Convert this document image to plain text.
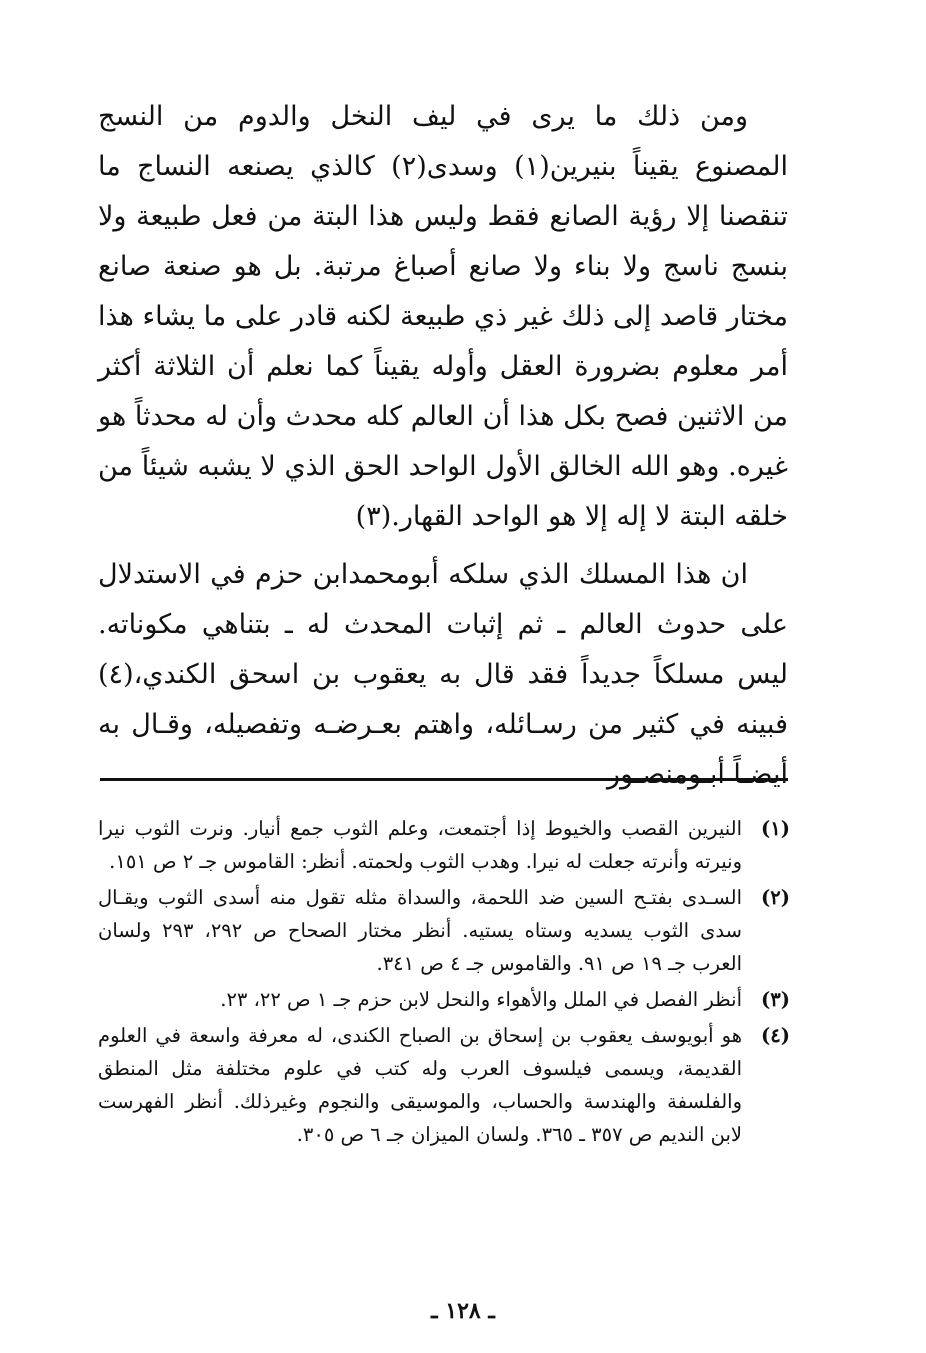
ومن ذلك ما يرى في ليف النخل والدوم من النسج المصنوع يقيناً بنيرين(١) وسدى(٢) كالذي يصنعه النساج ما تنقصنا إلا رؤية الصانع فقط وليس هذا البتة من فعل طبيعة ولا بنسج ناسج ولا بناء ولا صانع أصباغ مرتبة. بل هو صنعة صانع مختار قاصد إلى ذلك غير ذي طبيعة لكنه قادر على ما يشاء هذا أمر معلوم بضرورة العقل وأوله يقيناً كما نعلم أن الثلاثة أكثر من الاثنين فصح بكل هذا أن العالم كله محدث وأن له محدثاً هو غيره. وهو الله الخالق الأول الواحد الحق الذي لا يشبه شيئاً من خلقه البتة لا إله إلا هو الواحد القهار.(٣)

ان هذا المسلك الذي سلكه أبومحمدابن حزم في الاستدلال على حدوث العالم ـ ثم إثبات المحدث له ـ بتناهي مكوناته. ليس مسلكاً جديداً فقد قال به يعقوب بن اسحق الكندي،(٤) فبينه في كثير من رسـائله، واهتم بعـرضـه وتفصيله، وقـال به أيضـاً أبـومنصـور

(١)
النيرين القصب والخيوط إذا أجتمعت، وعلم الثوب جمع أنيار. ونرت الثوب نيرا ونيرته وأنرته جعلت له نيرا. وهدب الثوب ولحمته. أنظر: القاموس جـ ٢ ص ١٥١.
(٢)
السـدى بفتـح السين ضد اللحمة، والسداة مثله تقول منه أسدى الثوب ويقـال سدى الثوب يسديه وستاه يستيه. أنظر مختار الصحاح ص ٢٩٢، ٢٩٣ ولسان العرب جـ ١٩ ص ٩١. والقاموس جـ ٤ ص ٣٤١.
(٣)
أنظر الفصل في الملل والأهواء والنحل لابن حزم جـ ١ ص ٢٢، ٢٣.
(٤)
هو أبويوسف يعقوب بن إسحاق بن الصباح الكندى، له معرفة واسعة في العلوم القديمة، ويسمى فيلسوف العرب وله كتب في علوم مختلفة مثل المنطق والفلسفة والهندسة والحساب، والموسيقى والنجوم وغيرذلك. أنظر الفهرست لابن النديم ص ٣٥٧ ـ ٣٦٥. ولسان الميزان جـ ٦ ص ٣٠٥.
ـ ١٢٨ ـ
